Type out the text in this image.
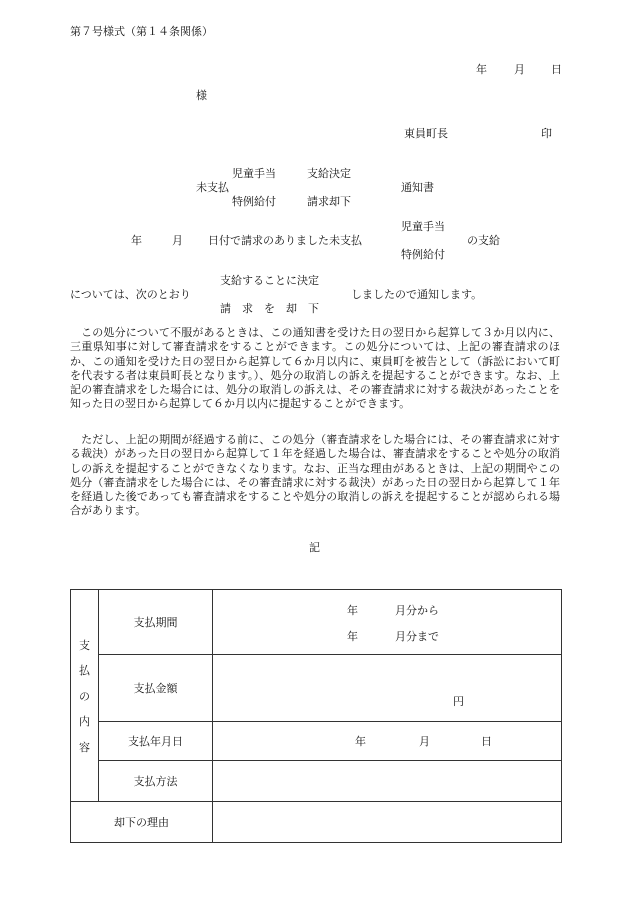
第７号様式（第１４条関係）
年 月 日
様
東員町長	印
児童手当	支給決定
未支払	通知書
特例給付	請求却下
児童手当
年	月 日付で請求のありました未支払	の支給
特例給付
支給することに決定
については、次のとおり	しましたので通知します。
請　求　を　却　下
　この処分について不服があるときは、この通知書を受けた日の翌日から起算して３か月以内に、三重県知事に対して審査請求をすることができます。この処分については、上記の審査請求のほか、この通知を受けた日の翌日から起算して６か月以内に、東員町を被告として（訴訟において町を代表する者は東員町長となります。）、処分の取消しの訴えを提起することができます。なお、上記の審査請求をした場合には、処分の取消しの訴えは、その審査請求に対する裁決があったことを知った日の翌日から起算して６か月以内に提起することができます。
　ただし、上記の期間が経過する前に、この処分（審査請求をした場合には、その審査請求に対する裁決）があった日の翌日から起算して１年を経過した場合は、審査請求をすることや処分の取消しの訴えを提起することができなくなります。なお、正当な理由があるときは、上記の期間やこの処分（審査請求をした場合には、その審査請求に対する裁決）があった日の翌日から起算して１年を経過した後であっても審査請求をすることや処分の取消しの訴えを提起することが認められる場合があります。
記
支
払
の
内
容	支払期間	年 月分から
年 月分まで

	支払金額	円

	支払年月日	年 月 日

	支払方法	
却下の理由		
